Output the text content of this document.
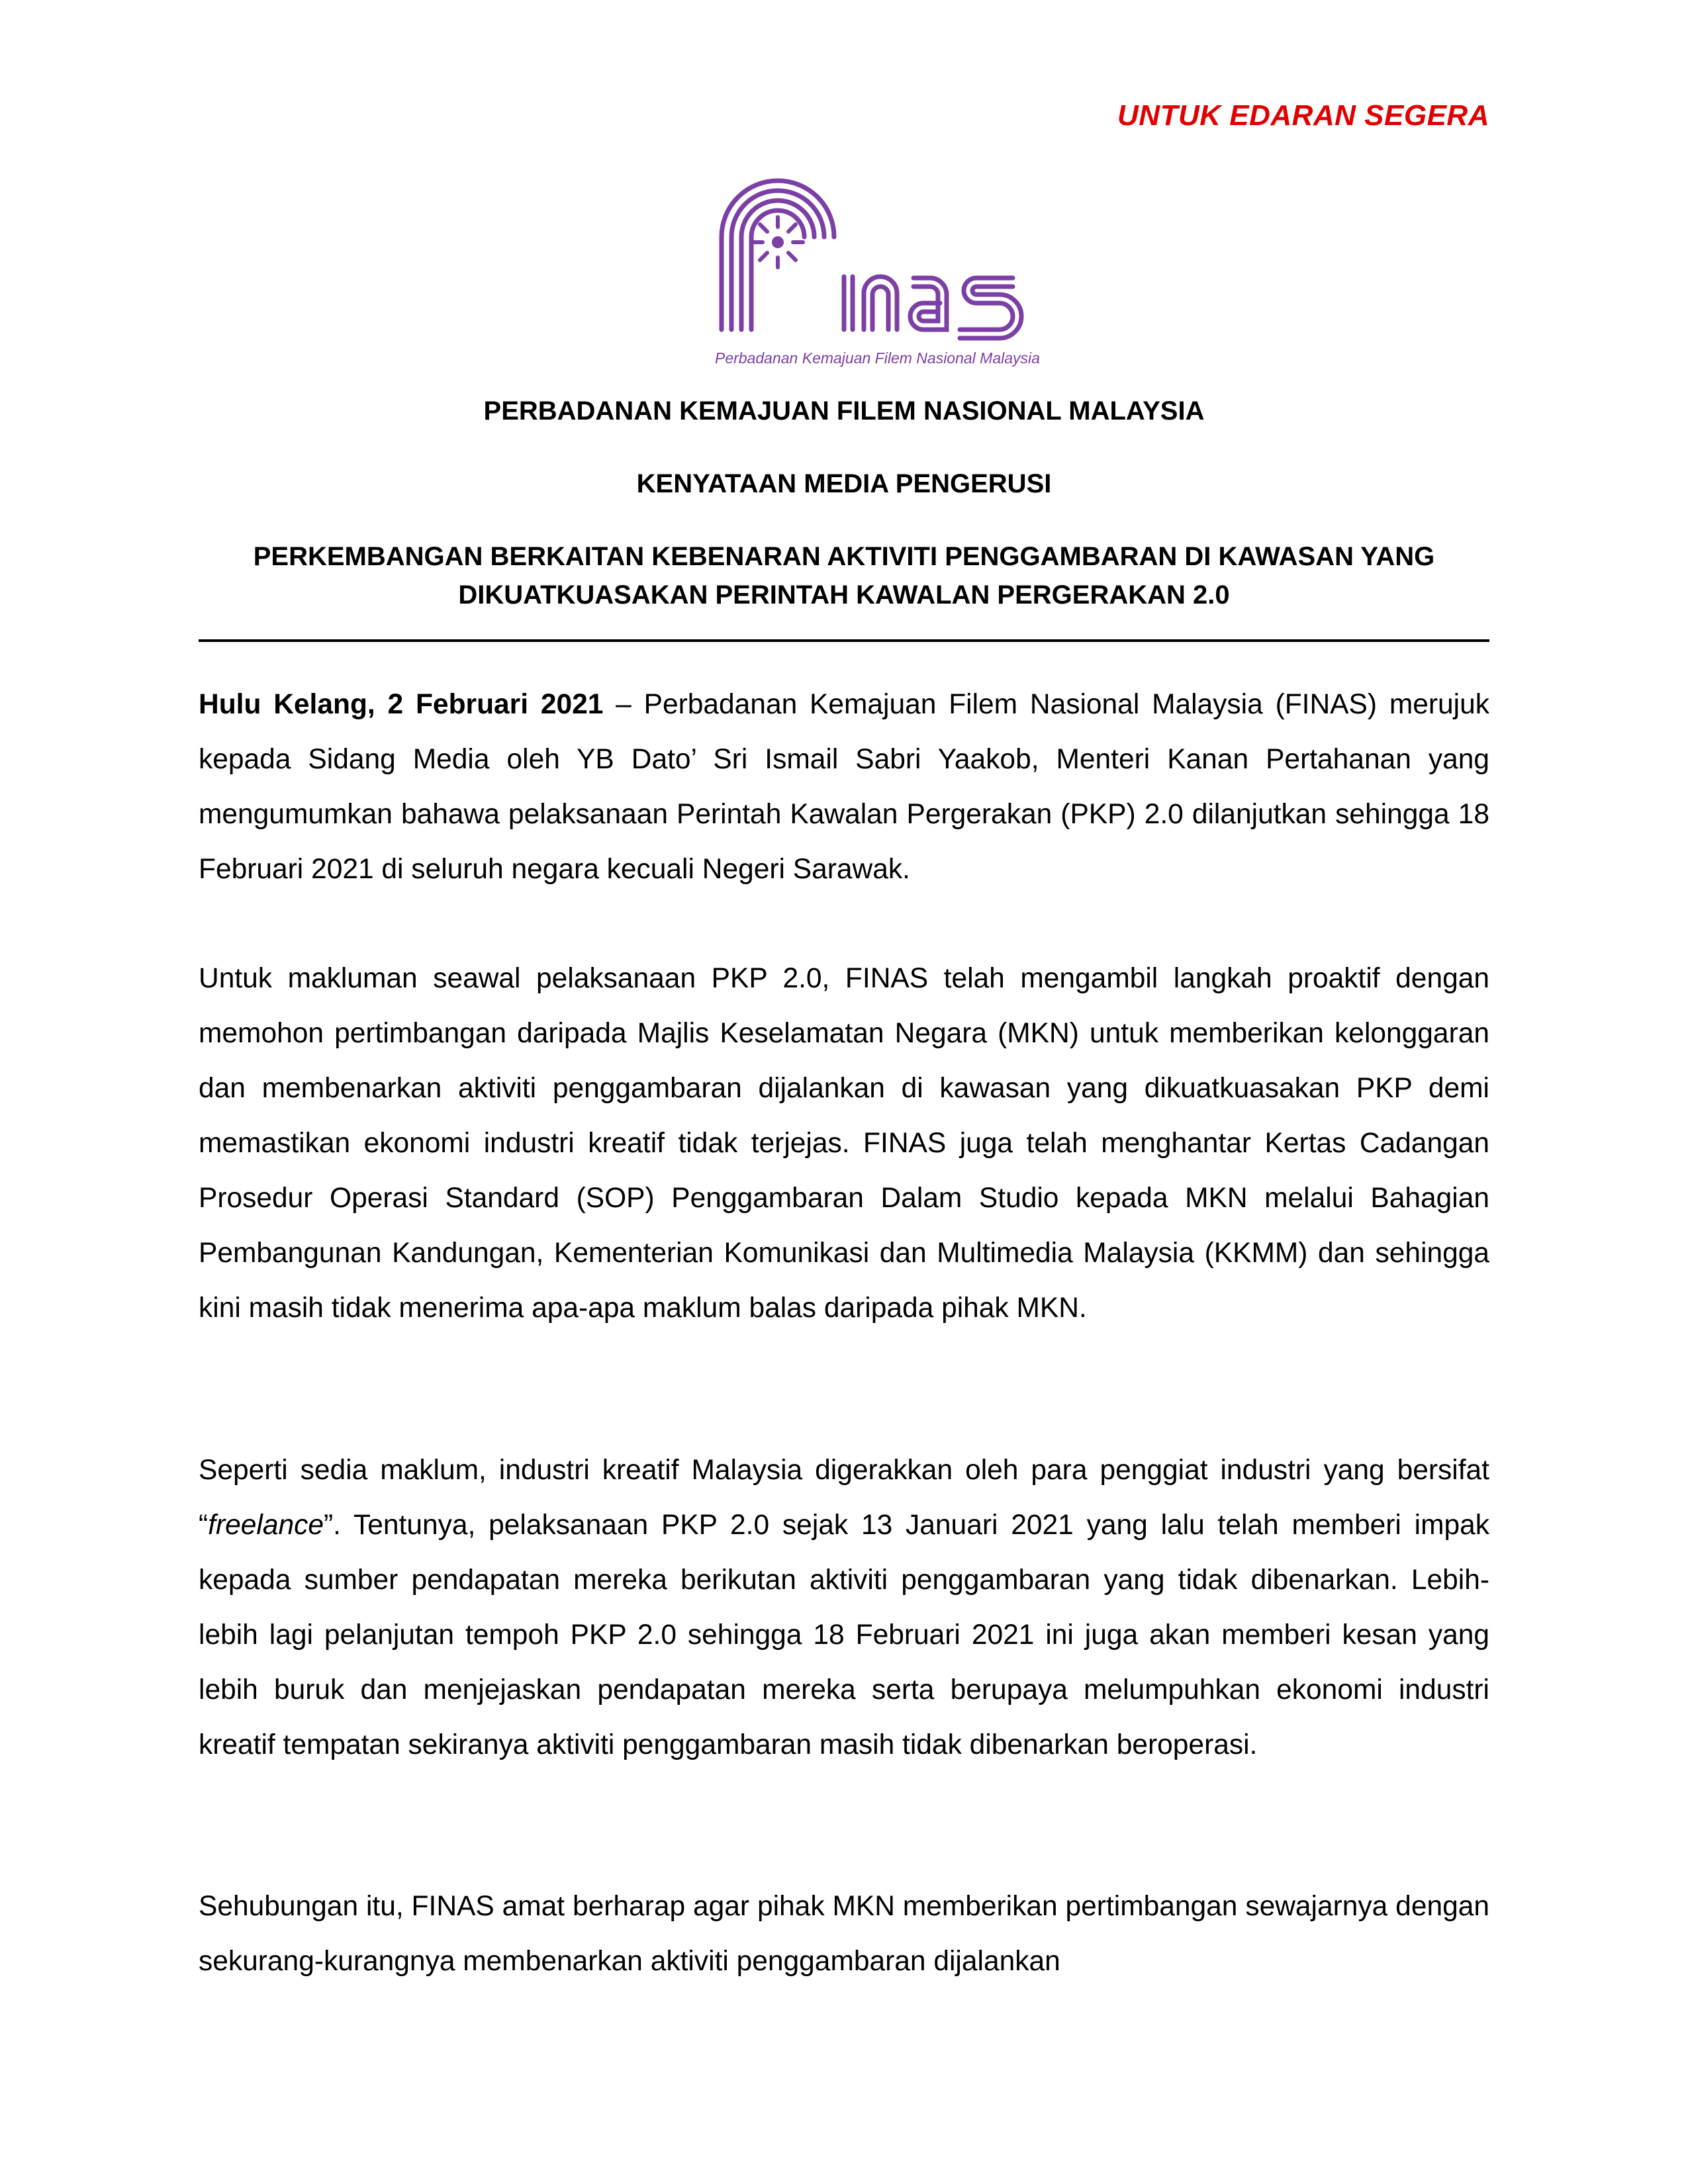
UNTUK EDARAN SEGERA
Perbadanan Kemajuan Filem Nasional Malaysia
PERBADANAN KEMAJUAN FILEM NASIONAL MALAYSIA
KENYATAAN MEDIA PENGERUSI
PERKEMBANGAN BERKAITAN KEBENARAN AKTIVITI PENGGAMBARAN DI KAWASAN YANG DIKUATKUASAKAN PERINTAH KAWALAN PERGERAKAN 2.0

Hulu Kelang, 2 Februari 2021 – Perbadanan Kemajuan Filem Nasional Malaysia (FINAS) merujuk kepada Sidang Media oleh YB Dato’ Sri Ismail Sabri Yaakob, Menteri Kanan Pertahanan yang mengumumkan bahawa pelaksanaan Perintah Kawalan Pergerakan (PKP) 2.0 dilanjutkan sehingga 18 Februari 2021 di seluruh negara kecuali Negeri Sarawak.

Untuk makluman seawal pelaksanaan PKP 2.0, FINAS telah mengambil langkah proaktif dengan memohon pertimbangan daripada Majlis Keselamatan Negara (MKN) untuk memberikan kelonggaran dan membenarkan aktiviti penggambaran dijalankan di kawasan yang dikuatkuasakan PKP demi memastikan ekonomi industri kreatif tidak terjejas. FINAS juga telah menghantar Kertas Cadangan Prosedur Operasi Standard (SOP) Penggambaran Dalam Studio kepada MKN melalui Bahagian Pembangunan Kandungan, Kementerian Komunikasi dan Multimedia Malaysia (KKMM) dan sehingga kini masih tidak menerima apa-apa maklum balas daripada pihak MKN.

Seperti sedia maklum, industri kreatif Malaysia digerakkan oleh para penggiat industri yang bersifat “freelance”. Tentunya, pelaksanaan PKP 2.0 sejak 13 Januari 2021 yang lalu telah memberi impak kepada sumber pendapatan mereka berikutan aktiviti penggambaran yang tidak dibenarkan. Lebih-lebih lagi pelanjutan tempoh PKP 2.0 sehingga 18 Februari 2021 ini juga akan memberi kesan yang lebih buruk dan menjejaskan pendapatan mereka serta berupaya melumpuhkan ekonomi industri kreatif tempatan sekiranya aktiviti penggambaran masih tidak dibenarkan beroperasi.

Sehubungan itu, FINAS amat berharap agar pihak MKN memberikan pertimbangan sewajarnya dengan sekurang-kurangnya membenarkan aktiviti penggambaran dijalankan
